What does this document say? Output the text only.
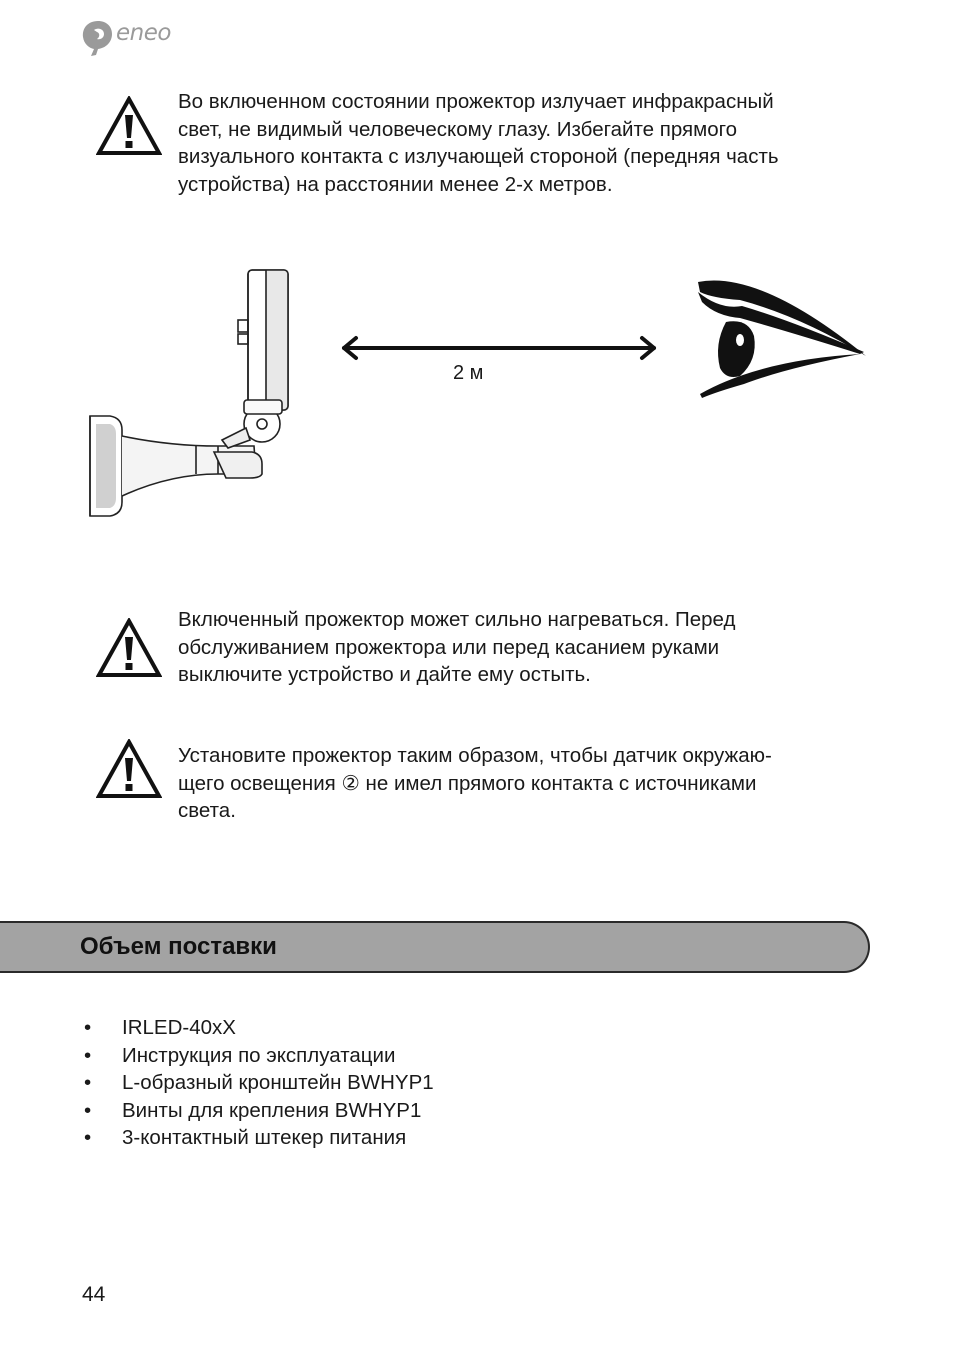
eneo

Во включенном состоянии прожектор излучает инфракрасный
свет, не видимый человеческому глазу. Избегайте прямого
визуального контакта с излучающей стороной (передняя часть
устройства) на расстоянии менее 2-х метров.

2 м

Включенный прожектор может сильно нагреваться. Перед
обслуживанием прожектора или перед касанием руками
выключите устройство и дайте ему остыть.

Установите прожектор таким образом, чтобы датчик окружаю-
щего освещения ② не имел прямого контакта с источниками
света.

Объем поставки
• IRLED-40xX
• Инструкция по эксплуатации
• L-образный кронштейн BWHYP1
• Винты для крепления BWHYP1
• 3-контактный штекер питания
44
